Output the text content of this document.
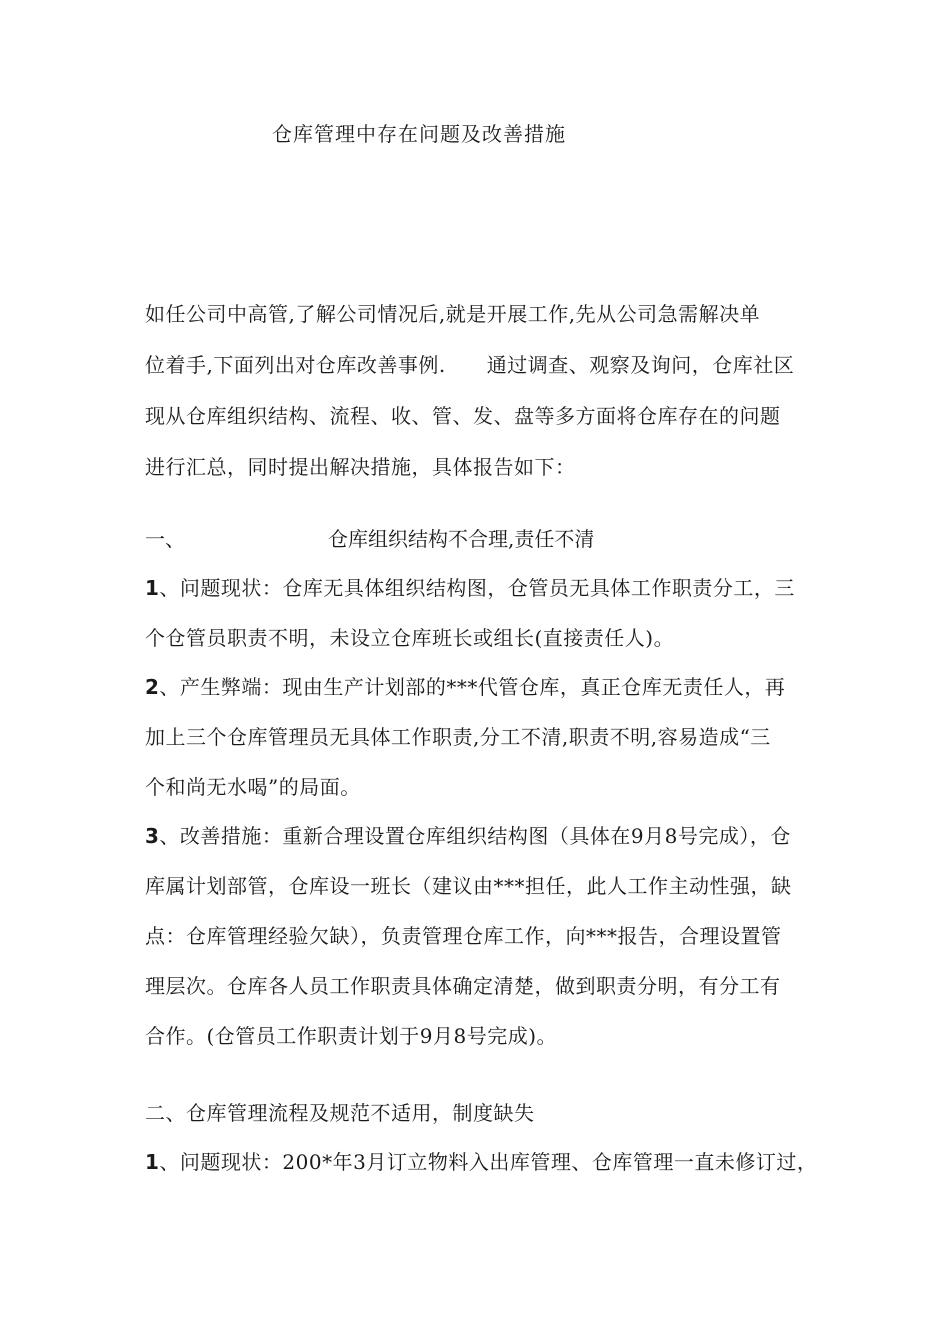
仓库管理中存在问题及改善措施
如任公司中高管,了解公司情况后,就是开展工作,先从公司急需解决单
位着手,下面列出对仓库改善事例.　　通过调查、观察及询问，仓库社区
现从仓库组织结构、流程、收、管、发、盘等多方面将仓库存在的问题
进行汇总，同时提出解决措施，具体报告如下：
一、	仓库组织结构不合理,责任不清
1、问题现状：仓库无具体组织结构图，仓管员无具体工作职责分工，三
个仓管员职责不明，未设立仓库班长或组长(直接责任人)。
2、产生弊端：现由生产计划部的***代管仓库，真正仓库无责任人，再
加上三个仓库管理员无具体工作职责,分工不清,职责不明,容易造成“三
个和尚无水喝”的局面。
3、改善措施：重新合理设置仓库组织结构图（具体在9月8号完成），仓
库属计划部管，仓库设一班长（建议由***担任，此人工作主动性强，缺
点：仓库管理经验欠缺），负责管理仓库工作，向***报告，合理设置管
理层次。仓库各人员工作职责具体确定清楚，做到职责分明，有分工有
合作。(仓管员工作职责计划于9月8号完成)。
二、仓库管理流程及规范不适用，制度缺失
1、问题现状：200*年3月订立物料入出库管理、仓库管理一直未修订过，
